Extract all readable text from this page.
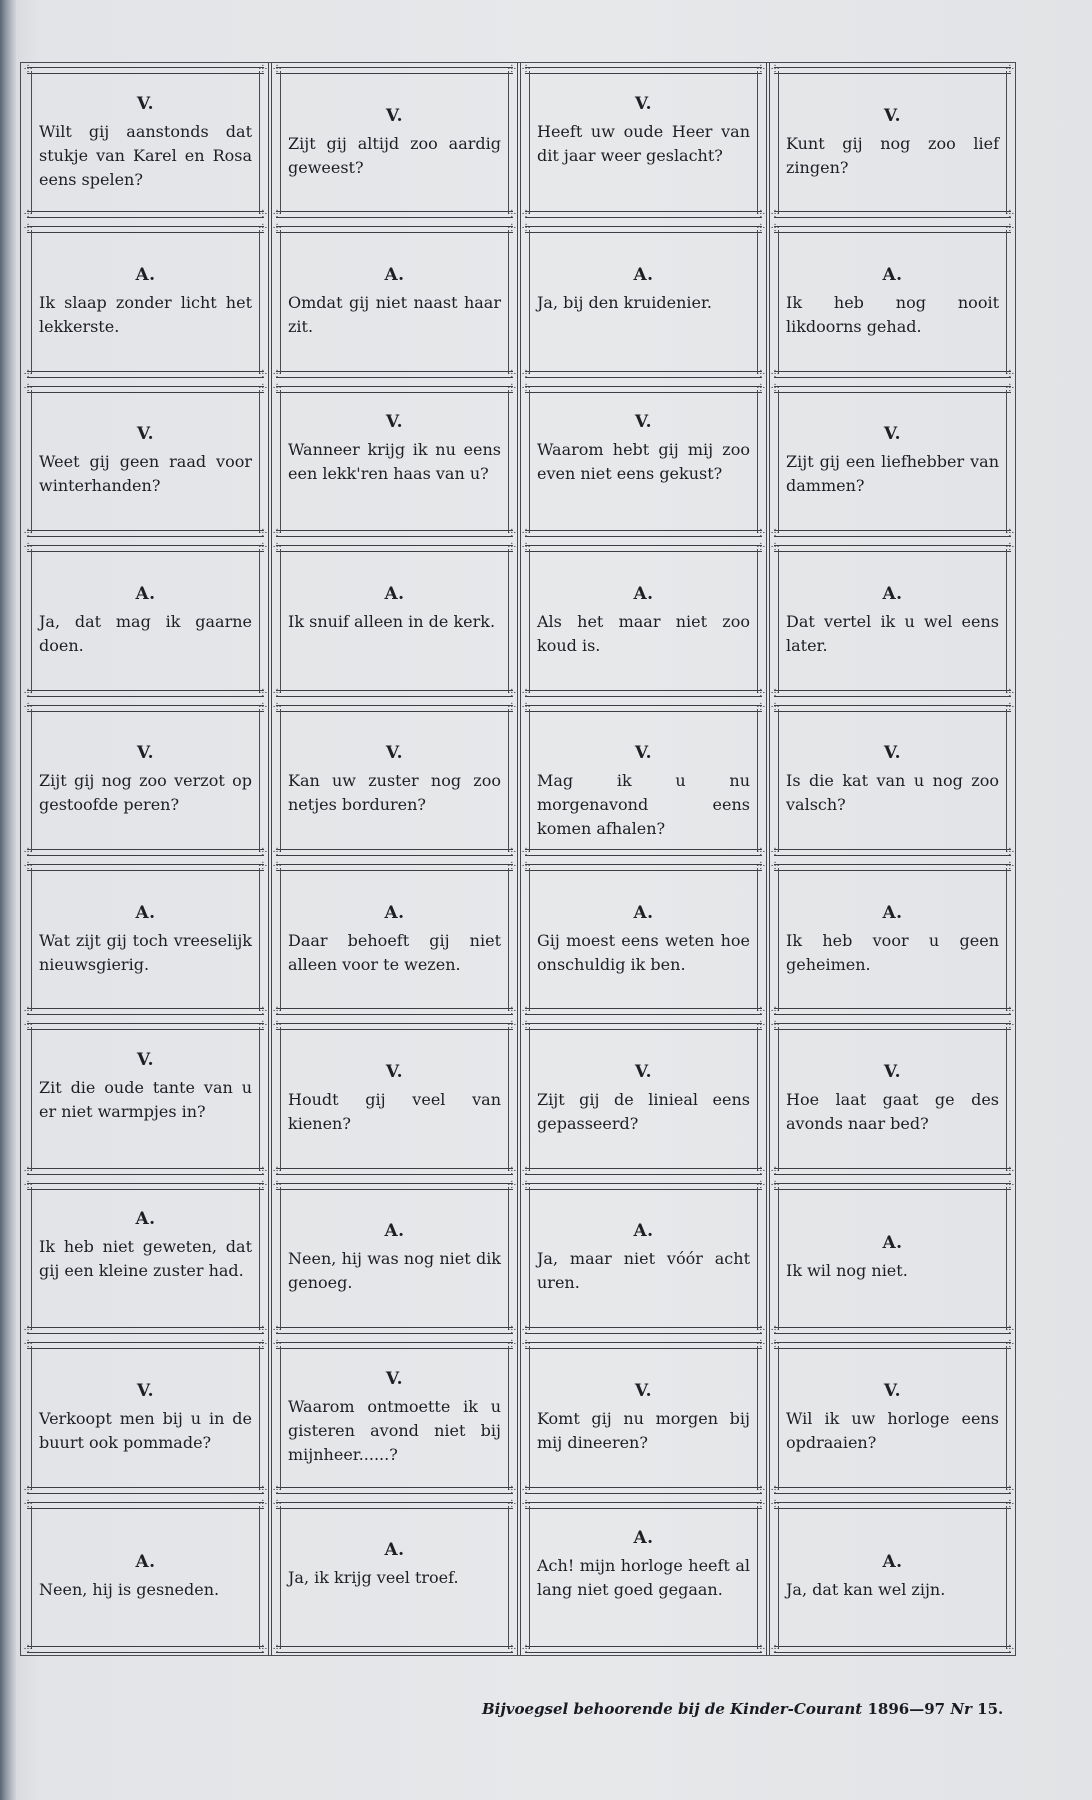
⸭	⸭
⸭	⸭
V.
Wilt gij aanstonds dat stukje van Karel en Rosa eens spelen?
⸭	⸭
⸭	⸭
V.
Zijt gij altijd zoo aardig geweest?
⸭	⸭
⸭	⸭
V.
Heeft uw oude Heer van dit jaar weer geslacht?
⸭	⸭
⸭	⸭
V.
Kunt gij nog zoo lief zingen?
⸭	⸭
⸭	⸭
A.
Ik slaap zonder licht het lekkerste.
⸭	⸭
⸭	⸭
A.
Omdat gij niet naast haar zit.
⸭	⸭
⸭	⸭
A.
Ja, bij den kruidenier.
⸭	⸭
⸭	⸭
A.
Ik heb nog nooit likdoorns gehad.
⸭	⸭
⸭	⸭
V.
Weet gij geen raad voor winterhanden?
⸭	⸭
⸭	⸭
V.
Wanneer krijg ik nu eens een lekk'ren haas van u?
⸭	⸭
⸭	⸭
V.
Waarom hebt gij mij zoo even niet eens gekust?
⸭	⸭
⸭	⸭
V.
Zijt gij een liefhebber van dammen?
⸭	⸭
⸭	⸭
A.
Ja, dat mag ik gaarne doen.
⸭	⸭
⸭	⸭
A.
Ik snuif alleen in de kerk.
⸭	⸭
⸭	⸭
A.
Als het maar niet zoo koud is.
⸭	⸭
⸭	⸭
A.
Dat vertel ik u wel eens later.
⸭	⸭
⸭	⸭
V.
Zijt gij nog zoo verzot op gestoofde peren?
⸭	⸭
⸭	⸭
V.
Kan uw zuster nog zoo netjes borduren?
⸭	⸭
⸭	⸭
V.
Mag ik u nu morgenavond eens komen afhalen?
⸭	⸭
⸭	⸭
V.
Is die kat van u nog zoo valsch?
⸭	⸭
⸭	⸭
A.
Wat zijt gij toch vreeselijk nieuwsgierig.
⸭	⸭
⸭	⸭
A.
Daar behoeft gij niet alleen voor te wezen.
⸭	⸭
⸭	⸭
A.
Gij moest eens weten hoe onschuldig ik ben.
⸭	⸭
⸭	⸭
A.
Ik heb voor u geen geheimen.
⸭	⸭
⸭	⸭
V.
Zit die oude tante van u er niet warmpjes in?
⸭	⸭
⸭	⸭
V.
Houdt gij veel van kienen?
⸭	⸭
⸭	⸭
V.
Zijt gij de linieal eens gepasseerd?
⸭	⸭
⸭	⸭
V.
Hoe laat gaat ge des avonds naar bed?
⸭	⸭
⸭	⸭
A.
Ik heb niet geweten, dat gij een kleine zuster had.
⸭	⸭
⸭	⸭
A.
Neen, hij was nog niet dik genoeg.
⸭	⸭
⸭	⸭
A.
Ja, maar niet vóór acht uren.
⸭	⸭
⸭	⸭
A.
Ik wil nog niet.
⸭	⸭
⸭	⸭
V.
Verkoopt men bij u in de buurt ook pommade?
⸭	⸭
⸭	⸭
V.
Waarom ontmoette ik u gisteren avond niet bij mijnheer......?
⸭	⸭
⸭	⸭
V.
Komt gij nu morgen bij mij dineeren?
⸭	⸭
⸭	⸭
V.
Wil ik uw horloge eens opdraaien?
⸭	⸭
⸭	⸭
A.
Neen, hij is gesneden.
⸭	⸭
⸭	⸭
A.
Ja, ik krijg veel troef.
⸭	⸭
⸭	⸭
A.
Ach! mijn horloge heeft al lang niet goed gegaan.
⸭	⸭
⸭	⸭
A.
Ja, dat kan wel zijn.
Bijvoegsel behoorende bij de Kinder-Courant 1896—97 Nr 15.
